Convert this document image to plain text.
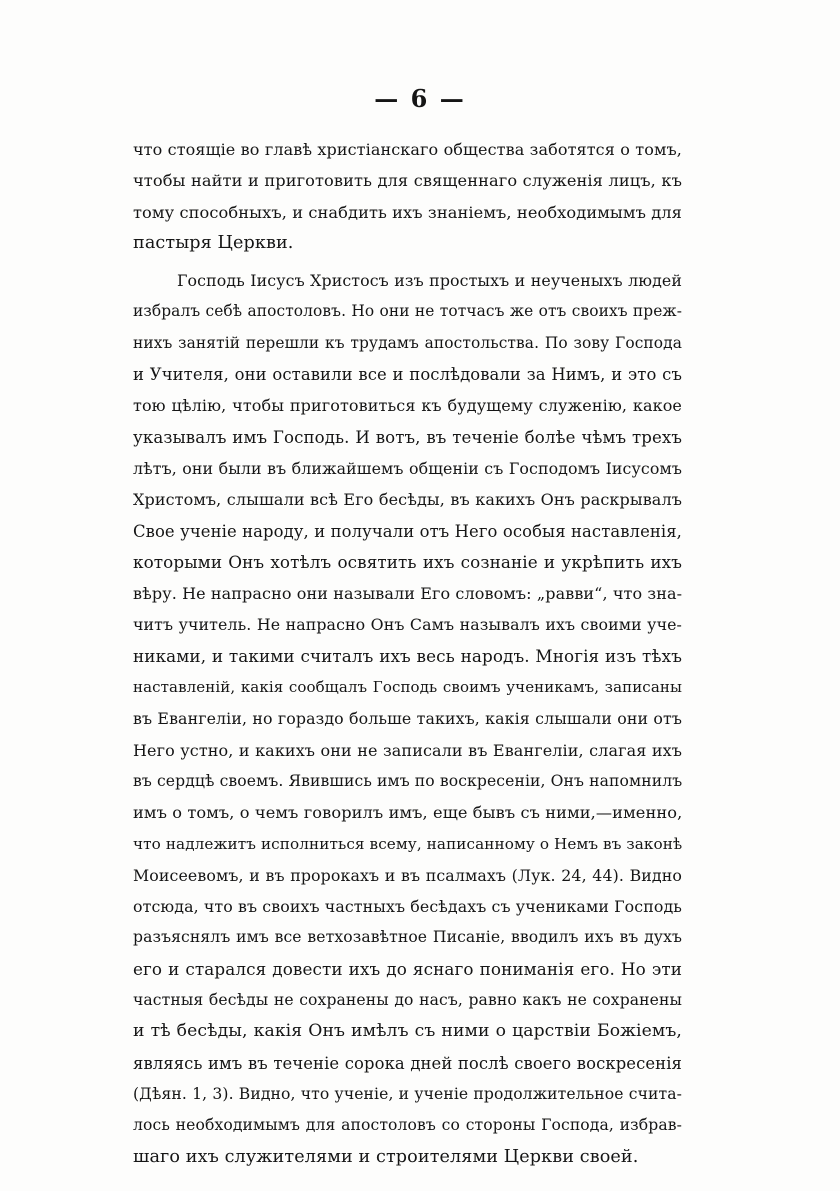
— 6 —
что стоящіе во главѣ христіанскаго общества заботятся о томъ,
чтобы найти и приготовить для священнаго служенія лицъ, къ
тому способныхъ, и снабдить ихъ знаніемъ, необходимымъ для
пастыря Церкви.
Господь Іисусъ Христосъ изъ простыхъ и неученыхъ людей
избралъ себѣ апостоловъ. Но они не тотчасъ же отъ своихъ преж-
нихъ занятій перешли къ трудамъ апостольства. По зову Господа
и Учителя, они оставили все и послѣдовали за Нимъ, и это съ
тою цѣлію, чтобы приготовиться къ будущему служенію, какое
указывалъ имъ Господь. И вотъ, въ теченіе болѣе чѣмъ трехъ
лѣтъ, они были въ ближайшемъ общеніи съ Господомъ Іисусомъ
Христомъ, слышали всѣ Его бесѣды, въ какихъ Онъ раскрывалъ
Свое ученіе народу, и получали отъ Него особыя наставленія,
которыми Онъ хотѣлъ освятить ихъ сознаніе и укрѣпить ихъ
вѣру. Не напрасно они называли Его словомъ: „равви“, что зна-
читъ учитель. Не напрасно Онъ Самъ называлъ ихъ своими уче-
никами, и такими считалъ ихъ весь народъ. Многія изъ тѣхъ
наставленій, какія сообщалъ Господь своимъ ученикамъ, записаны
въ Евангеліи, но гораздо больше такихъ, какія слышали они отъ
Него устно, и какихъ они не записали въ Евангеліи, слагая ихъ
въ сердцѣ своемъ. Явившись имъ по воскресеніи, Онъ напомнилъ
имъ о томъ, о чемъ говорилъ имъ, еще бывъ съ ними,—именно,
что надлежитъ исполниться всему, написанному о Немъ въ законѣ
Моисеевомъ, и въ пророкахъ и въ псалмахъ (Лук. 24, 44). Видно
отсюда, что въ своихъ частныхъ бесѣдахъ съ учениками Господь
разъяснялъ имъ все ветхозавѣтное Писаніе, вводилъ ихъ въ духъ
его и старался довести ихъ до яснаго пониманія его. Но эти
частныя бесѣды не сохранены до насъ, равно какъ не сохранены
и тѣ бесѣды, какія Онъ имѣлъ съ ними о царствіи Божіемъ,
являясь имъ въ теченіе сорока дней послѣ своего воскресенія
(Дѣян. 1, 3). Видно, что ученіе, и ученіе продолжительное счита-
лось необходимымъ для апостоловъ со стороны Господа, избрав-
шаго ихъ служителями и строителями Церкви своей.
